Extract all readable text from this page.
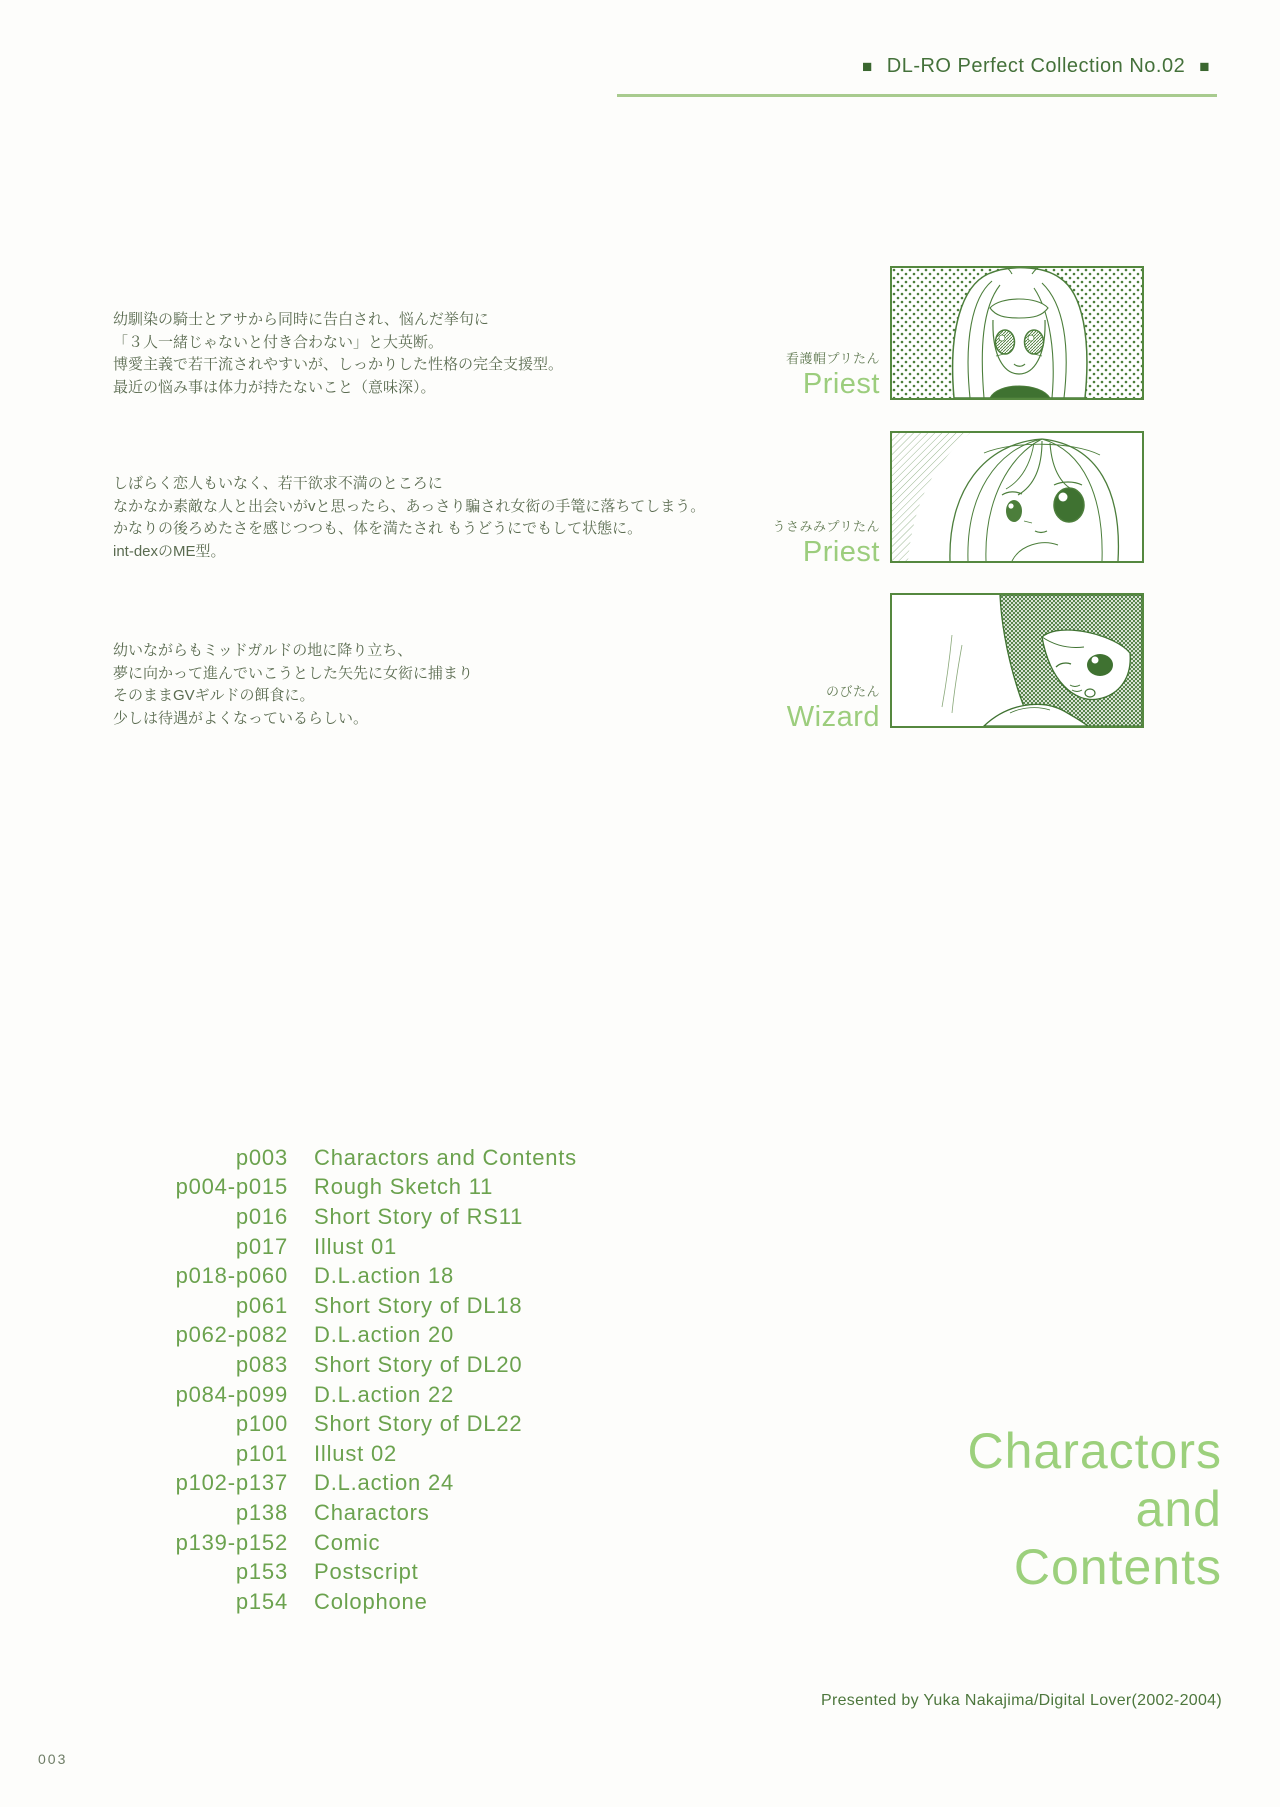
■ DL-RO Perfect Collection No.02 ■

幼馴染の騎士とアサから同時に告白され、悩んだ挙句に

「３人一緒じゃないと付き合わない」と大英断。

博愛主義で若干流されやすいが、しっかりした性格の完全支援型。

最近の悩み事は体力が持たないこと（意味深）。

看護帽プリたん
Priest

しばらく恋人もいなく、若干欲求不満のところに

なかなか素敵な人と出会いがvと思ったら、あっさり騙され女衒の手篭に落ちてしまう。

かなりの後ろめたさを感じつつも、体を満たされ もうどうにでもして状態に。

int-dexのME型。

うさみみプリたん
Priest

幼いながらもミッドガルドの地に降り立ち、

夢に向かって進んでいこうとした矢先に女衒に捕まり

そのままGVギルドの餌食に。

少しは待遇がよくなっているらしい。

のびたん
Wizard
p003 Charactors and Contents
p004-p015 Rough Sketch 11
p016 Short Story of RS11
p017 Illust 01
p018-p060 D.L.action 18
p061 Short Story of DL18
p062-p082 D.L.action 20
p083 Short Story of DL20
p084-p099 D.L.action 22
p100 Short Story of DL22
p101 Illust 02
p102-p137 D.L.action 24
p138 Charactors
p139-p152 Comic
p153 Postscript
p154 Colophone
Charactors
and
Contents
Presented by Yuka Nakajima/Digital Lover(2002-2004)
003
